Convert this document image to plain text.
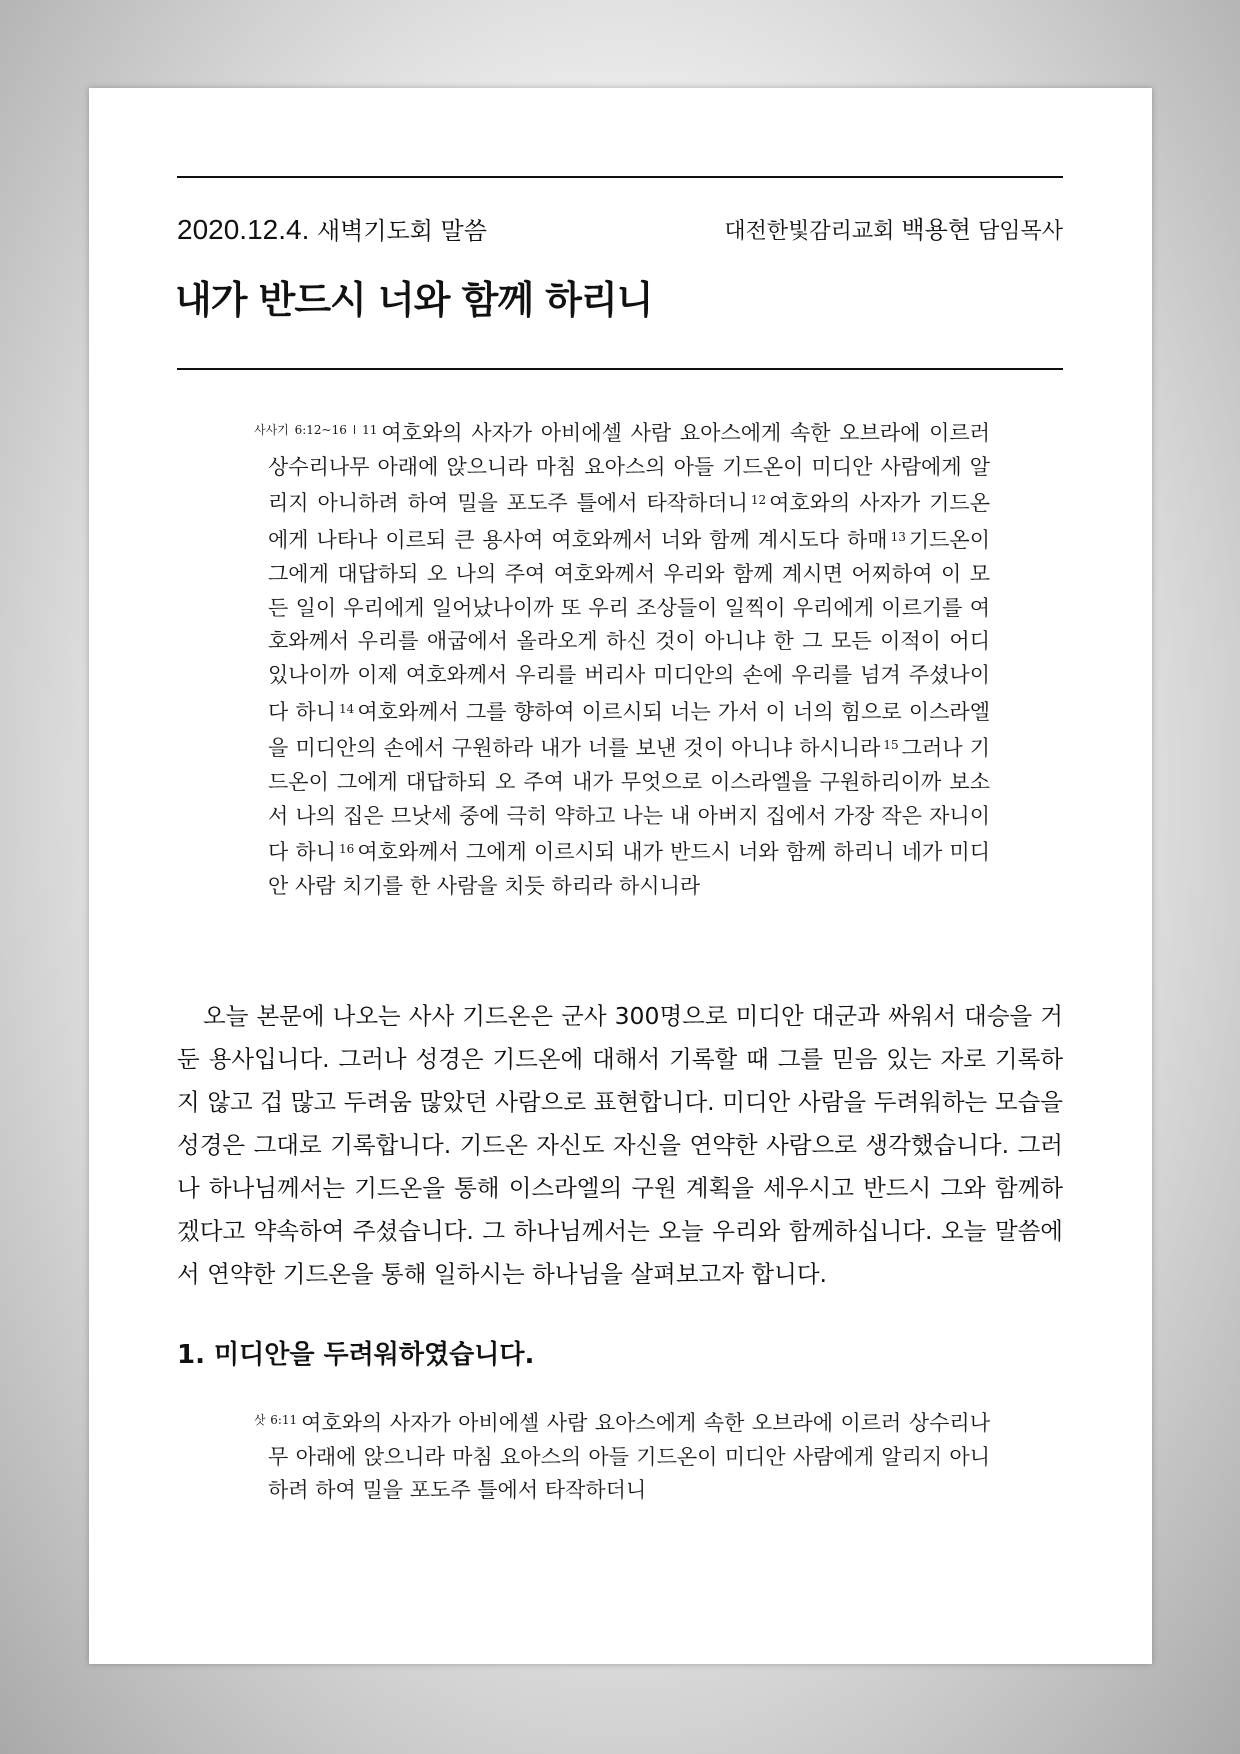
2020.12.4. 새벽기도회 말씀	대전한빛감리교회 백용현 담임목사
내가 반드시 너와 함께 하리니

$^{사사기 6:12\sim 16 ǀ 11}$ 여호와의 사자가 아비에셀 사람 요아스에게 속한 오브라에 이르러 상수리나무 아래에 앉으니라 마침 요아스의 아들 기드온이 미디안 사람에게 알리지 아니하려 하여 밀을 포도주 틀에서 타작하더니 $^{12}$ 여호와의 사자가 기드온에게 나타나 이르되 큰 용사여 여호와께서 너와 함께 계시도다 하매 $^{13}$ 기드온이 그에게 대답하되 오 나의 주여 여호와께서 우리와 함께 계시면 어찌하여 이 모든 일이 우리에게 일어났나이까 또 우리 조상들이 일찍이 우리에게 이르기를 여호와께서 우리를 애굽에서 올라오게 하신 것이 아니냐 한 그 모든 이적이 어디 있나이까 이제 여호와께서 우리를 버리사 미디안의 손에 우리를 넘겨 주셨나이다 하니 $^{14}$ 여호와께서 그를 향하여 이르시되 너는 가서 이 너의 힘으로 이스라엘을 미디안의 손에서 구원하라 내가 너를 보낸 것이 아니냐 하시니라 $^{15}$ 그러나 기드온이 그에게 대답하되 오 주여 내가 무엇으로 이스라엘을 구원하리이까 보소서 나의 집은 므낫세 중에 극히 약하고 나는 내 아버지 집에서 가장 작은 자니이다 하니 $^{16}$ 여호와께서 그에게 이르시되 내가 반드시 너와 함께 하리니 네가 미디안 사람 치기를 한 사람을 치듯 하리라 하시니라

오늘 본문에 나오는 사사 기드온은 군사 300명으로 미디안 대군과 싸워서 대승을 거둔 용사입니다. 그러나 성경은 기드온에 대해서 기록할 때 그를 믿음 있는 자로 기록하지 않고 겁 많고 두려움 많았던 사람으로 표현합니다. 미디안 사람을 두려워하는 모습을 성경은 그대로 기록합니다. 기드온 자신도 자신을 연약한 사람으로 생각했습니다. 그러나 하나님께서는 기드온을 통해 이스라엘의 구원 계획을 세우시고 반드시 그와 함께하겠다고 약속하여 주셨습니다. 그 하나님께서는 오늘 우리와 함께하십니다. 오늘 말씀에서 연약한 기드온을 통해 일하시는 하나님을 살펴보고자 합니다.

1. 미디안을 두려워하였습니다.

$^{삿 6:11}$ 여호와의 사자가 아비에셀 사람 요아스에게 속한 오브라에 이르러 상수리나무 아래에 앉으니라 마침 요아스의 아들 기드온이 미디안 사람에게 알리지 아니하려 하여 밀을 포도주 틀에서 타작하더니
